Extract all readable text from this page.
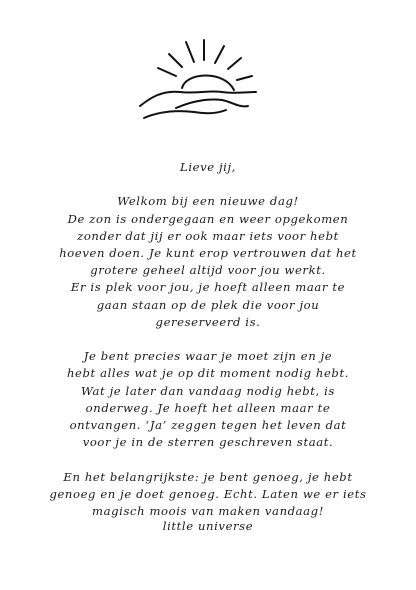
Lieve jij,
Welkom bij een nieuwe dag!
De zon is ondergegaan en weer opgekomen
zonder dat jij er ook maar iets voor hebt
hoeven doen. Je kunt erop vertrouwen dat het
grotere geheel altijd voor jou werkt.
Er is plek voor jou, je hoeft alleen maar te
gaan staan op de plek die voor jou
gereserveerd is.
Je bent precies waar je moet zijn en je
hebt alles wat je op dit moment nodig hebt.
Wat je later dan vandaag nodig hebt, is
onderweg. Je hoeft het alleen maar te
ontvangen. ‘Ja’ zeggen tegen het leven dat
voor je in de sterren geschreven staat.
En het belangrijkste: je bent genoeg, je hebt
genoeg en je doet genoeg. Echt. Laten we er iets
magisch moois van maken vandaag!
little universe
